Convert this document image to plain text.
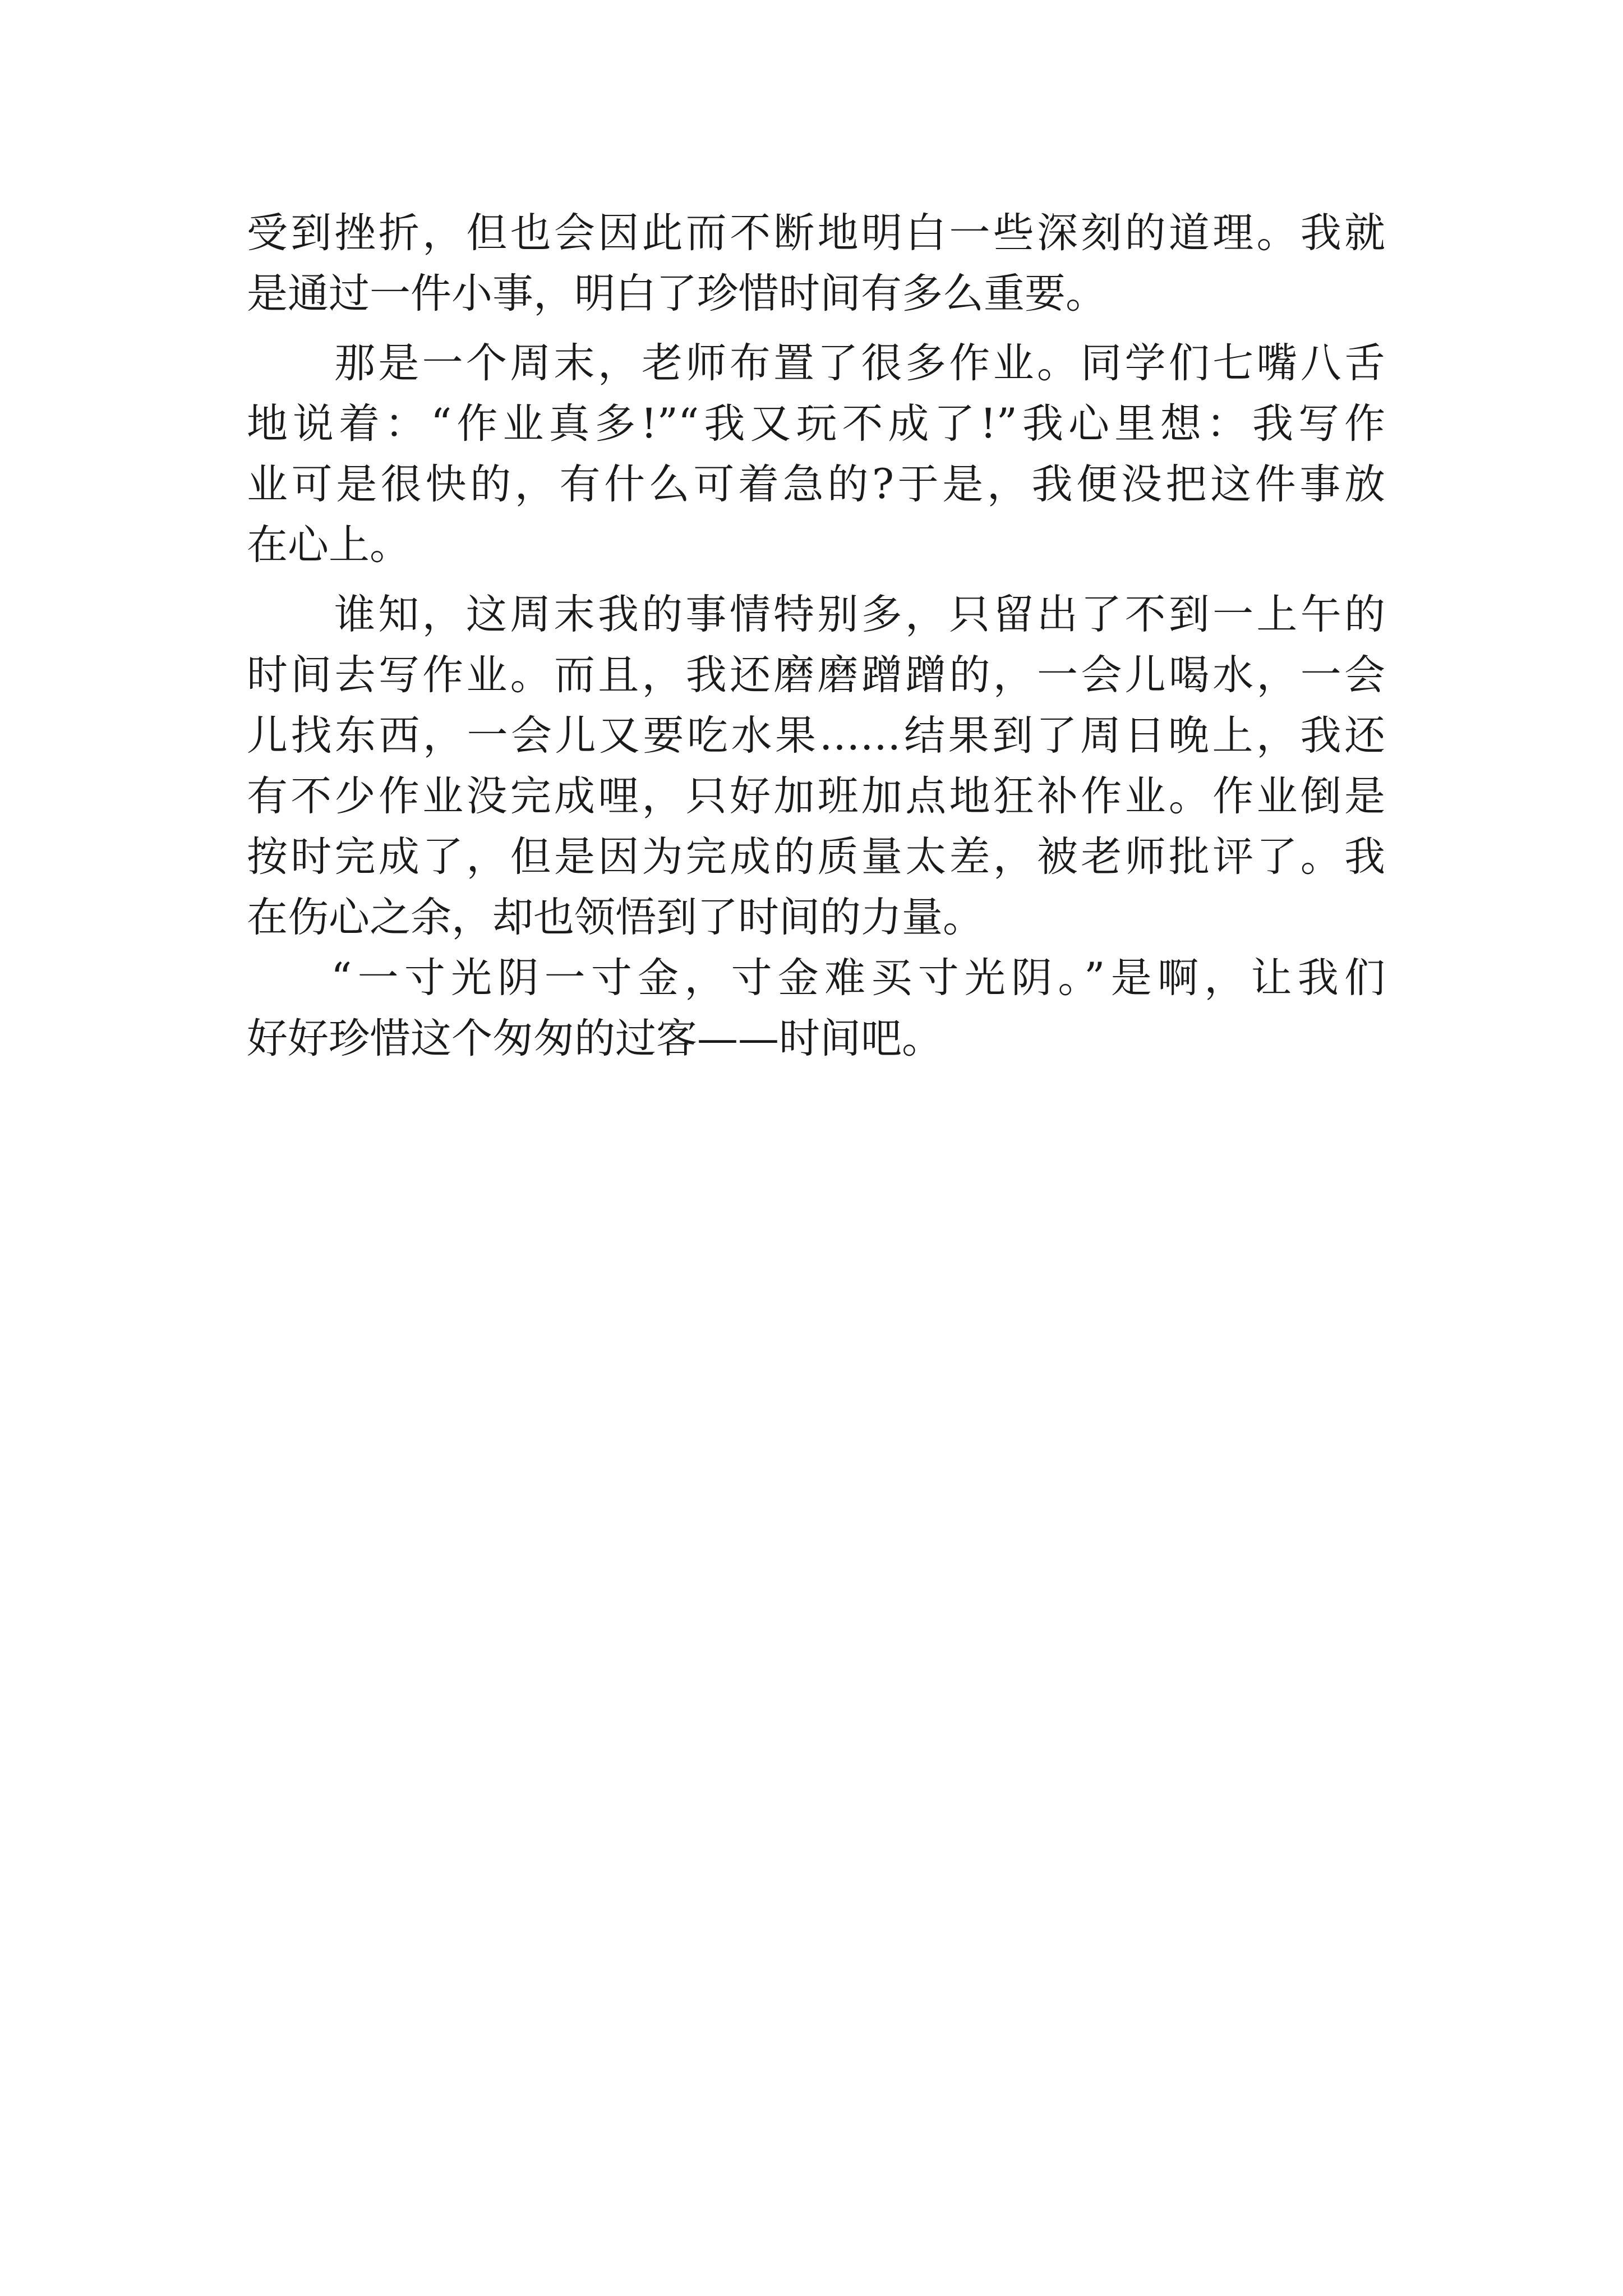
受到挫折，但也会因此而不断地明白一些深刻的道理。我就
是通过一件小事，明白了珍惜时间有多么重要。
那是一个周末，老师布置了很多作业。同学们七嘴八舌
地说着：“作业真多!”“我又玩不成了!”我心里想：我写作
业可是很快的，有什么可着急的?于是，我便没把这件事放
在心上。
谁知，这周末我的事情特别多，只留出了不到一上午的
时间去写作业。而且，我还磨磨蹭蹭的，一会儿喝水，一会
儿找东西，一会儿又要吃水果……结果到了周日晚上，我还
有不少作业没完成哩，只好加班加点地狂补作业。作业倒是
按时完成了，但是因为完成的质量太差，被老师批评了。我
在伤心之余，却也领悟到了时间的力量。
“一寸光阴一寸金，寸金难买寸光阴。”是啊，让我们
好好珍惜这个匆匆的过客——时间吧。
